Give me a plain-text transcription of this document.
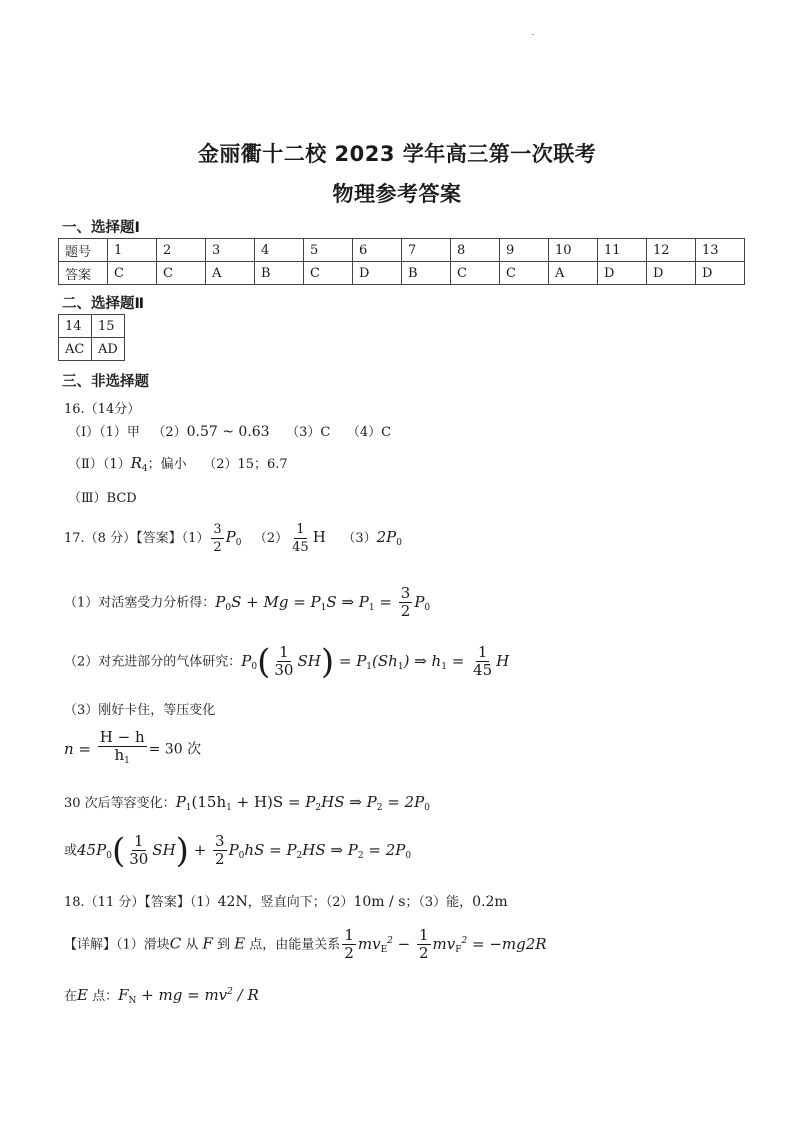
金丽衢十二校 2023 学年高三第一次联考
物理参考答案
一、选择题Ⅰ
题号	1	2	3	4	5	6	7	8	9	10	11	12	13
答案	C	C	A	B	C	D	B	C	C	A	D	D	D
二、选择题Ⅱ
14	15
AC	AD
三、非选择题
16.（14分）
（Ⅰ）（1）甲 （2）0.57 ~ 0.63 （3）C （4）C
$(Ⅱ)(1)R_4$；偏小 （2）15；6.7
（Ⅲ）BCD
17.（8 分）【答案】$(1) \frac{3}{2} P_0$ $(2) \frac{1}{45}$ H $(3)2P_0$
（1）对活塞受力分析得：$P_0S + Mg = P_1S$ ⇒ $P_1 = \frac{3}{2} P_0$
（2）对充进部分的气体研究：$P_0( \frac{1}{30} SH) = P_1(Sh_1)$ ⇒ $h_1 = \frac{1}{45}$ H
（3）刚好卡住，等压变化
$n = \frac{H - h}{h_1} = 30$ 次
30 次后等容变化：$P_1(15h_1 + H)S = P_2HS$ ⇒ $P_2 = 2P_0$
或$45P_0( \frac{1}{30} SH) + \frac{3}{2} P_0hS = P_2HS$ ⇒ $P_2 = 2P_0$
18.（11 分）【答案】（1）42N，竖直向下；（2）10m / s；（3）能，0.2m
【详解】（1）滑块C 从 F 到 E 点，由能量关系 $\frac{1}{2} mv_E^2 - \frac{1}{2} mv_F^2 = -mg2R$
在E 点：$F_N$ + mg = $mv^2$ / R
